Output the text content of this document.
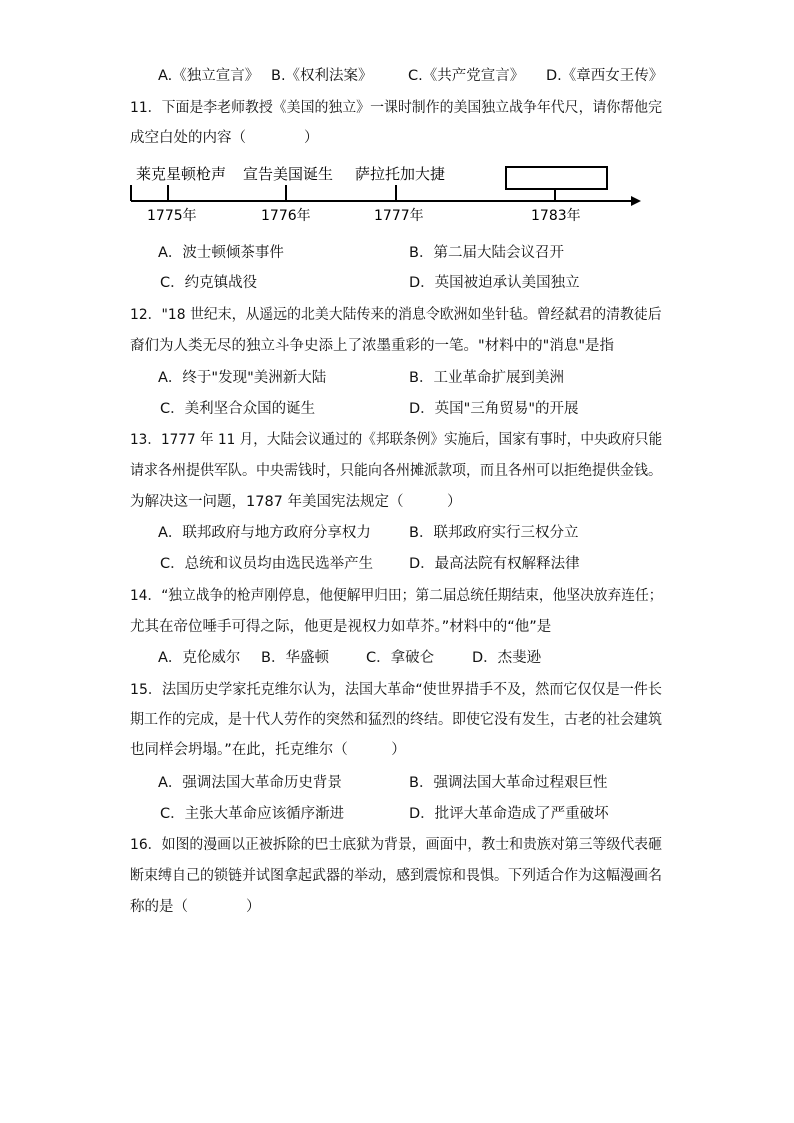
A.《独立宣言》 B.《权利法案》 C.《共产党宣言》 D.《章西女王传》
11．下面是李老师教授《美国的独立》一课时制作的美国独立战争年代尺，请你帮他完
成空白处的内容（　　　　）
莱克星顿枪声 宣告美国诞生 萨拉托加大捷
1775年	1776年	1777年	1783年
A．波士顿倾茶事件	B．第二届大陆会议召开
C．约克镇战役	D．英国被迫承认美国独立
12．"18 世纪末，从遥远的北美大陆传来的消息令欧洲如坐针毡。曾经弑君的清教徒后
裔们为人类无尽的独立斗争史添上了浓墨重彩的一笔。"材料中的"消息"是指
A．终于"发现"美洲新大陆	B．工业革命扩展到美洲
C．美利坚合众国的诞生	D．英国"三角贸易"的开展
13．1777 年 11 月，大陆会议通过的《邦联条例》实施后，国家有事时，中央政府只能
请求各州提供军队。中央需钱时，只能向各州摊派款项，而且各州可以拒绝提供金钱。
为解决这一问题，1787 年美国宪法规定（　　　）
A．联邦政府与地方政府分享权力	B．联邦政府实行三权分立
C．总统和议员均由选民选举产生 D．最高法院有权解释法律
14．“独立战争的枪声刚停息，他便解甲归田；第二届总统任期结束，他坚决放弃连任；
尤其在帝位唾手可得之际，他更是视权力如草芥。”材料中的“他”是
A．克伦威尔 B．华盛顿	C．拿破仑	D．杰斐逊
15．法国历史学家托克维尔认为，法国大革命“使世界措手不及，然而它仅仅是一件长
期工作的完成，是十代人劳作的突然和猛烈的终结。即使它没有发生，古老的社会建筑
也同样会坍塌。”在此，托克维尔（　　　）
A．强调法国大革命历史背景	B．强调法国大革命过程艰巨性
C．主张大革命应该循序渐进	D．批评大革命造成了严重破坏
16．如图的漫画以正被拆除的巴士底狱为背景，画面中，教士和贵族对第三等级代表砸
断束缚自己的锁链并试图拿起武器的举动，感到震惊和畏惧。下列适合作为这幅漫画名
称的是（　　　　）
